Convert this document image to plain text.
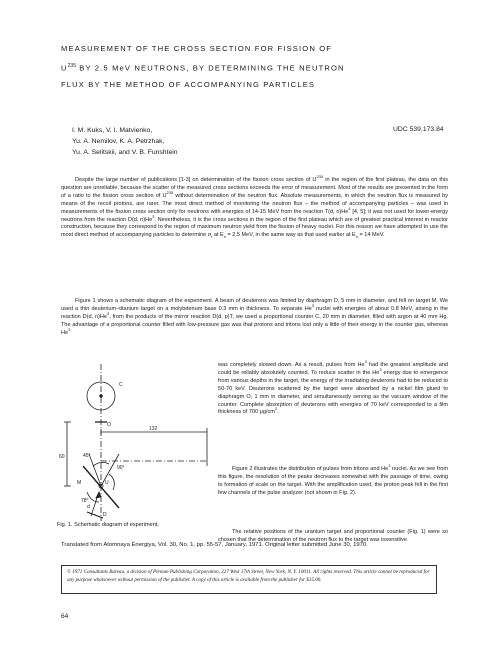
MEASUREMENT OF THE CROSS SECTION FOR FISSION OF
$U^{235}$ BY 2.5 MeV NEUTRONS, BY DETERMINING THE NEUTRON
FLUX BY THE METHOD OF ACCOMPANYING PARTICLES
I. M. Kuks, V. I. Matvienko,
Yu. A. Nemilov, K. A. Petrzhak,
Yu. A. Selitskii, and V. B. Funshtein
UDC 539.173.84

Despite the large number of publications [1-3] on determination of the fission cross section of $U^{235}$ in the region of the first plateau, the data on this question are unreliable, because the scatter of the measured cross sections exceeds the error of measurement. Most of the results are presented in the form of a ratio to the fission cross section of $U^{235}$ without determination of the neutron flux. Absolute measurements, in which the neutron flux is measured by means of the recoil protons, are rarer. The most direct method of monitoring the neutron flux – the method of accompanying particles – was used in measurements of the fission cross section only for neutrons with energies of 14-15 MeV from the reaction T(d, n)He$^4$ [4, 5]; it was not used for lower-energy neutrons from the reaction D(d, n)He$^3$. Nevertheless, it is the cross sections in the region of the first plateau which are of greatest practical interest in reactor construction, because they correspond to the region of maximum neutron yield from the fission of heavy nuclei. For this reason we have attempted to use the most direct method of accompanying particles to determine $\sigma_f$ at $E_n = 2.5$ MeV, in the same way as that used earlier at $E_n = 14$ MeV.

Figure 1 shows a schematic diagram of the experiment. A beam of deuterons was limited by diaphragm D, 5 mm in diameter, and fell on target M. We used a thin deuterium–titanium target on a molybdenum base 0.3 mm in thickness. To separate He$^3$ nuclei with energies of about 0.8 MeV, arising in the reaction D(d, n)He$^3$, from the products of the mirror reaction D(d, p)T, we used a proportional counter C, 20 mm in diameter, filled with argon at 40 mm Hg. The advantage of a proportional counter filled with low-pressure gas was that protons and tritons lost only a little of their energy in the counter gas, whereas He$^3$

was completely slowed down. As a result, pulses from He$^3$ had the greatest amplitude and could be reliably absolutely counted. To reduce scatter in the He$^3$ energy due to emergence from various depths in the target, the energy of the irradiating deuterons had to be reduced to 50-70 keV. Deuterons scattered by the target were absorbed by a nickel film glued to diaphragm O, 1 mm in diameter, and simultaneously serving as the vacuum window of the counter. Complete absorption of deuterons with energies of 70 keV corresponded to a film thickness of 700 $\mu g/cm^2$.

Figure 2 illustrates the distribution of pulses from tritons and He$^3$ nuclei. As we see from this figure, the resolution of the peaks decreases somewhat with the passage of time, owing to formation of scale on the target. With the amplification used, the proton peak fell in the first few channels of the pulse analyzer (not shown in Fig. 2).

The relative positions of the uranium target and proportional counter (Fig. 1) were so chosen that the determination of the neutron flux to the target was insensitive

C
O
132
60	45°
90°
U
M
78°
d
D
Fig. 1. Schematic diagram of experiment.
Translated from Atomnaya Énergiya, Vol. 30, No. 1, pp. 55-57, January, 1971. Original letter submitted June 30, 1970.
© 1971 Consultants Bureau, a division of Plenum Publishing Corporation, 227 West 17th Street, New York, N. Y. 10011. All rights reserved. This article cannot be reproduced for any purpose whatsoever without permission of the publisher. A copy of this article is available from the publisher for $15.00.
64
